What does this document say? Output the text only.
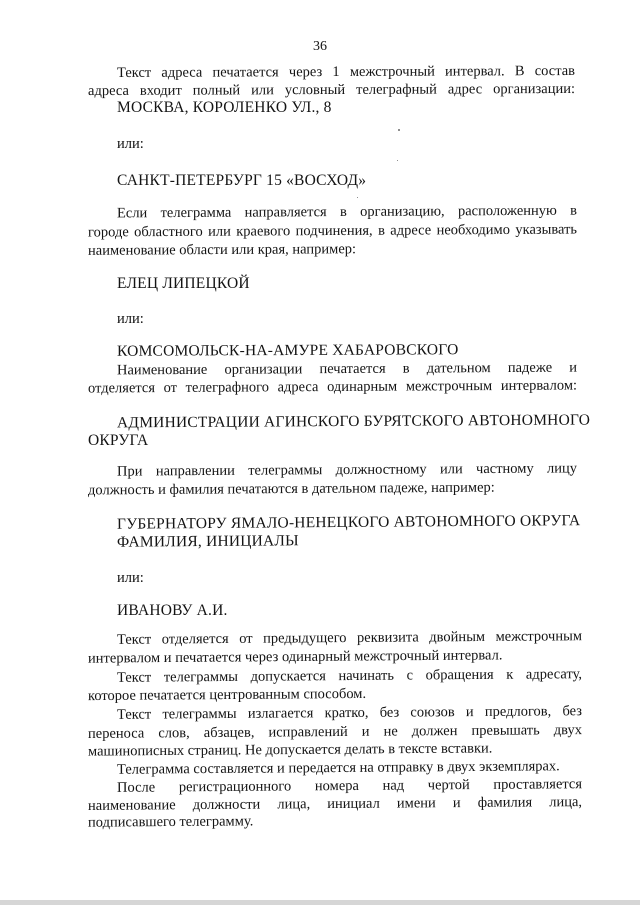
36
Текст адреса печатается через 1 межстрочный интервал. В состав
адреса входит полный или условный телеграфный адрес организации:
МОСКВА, КОРОЛЕНКО УЛ., 8
или:
САНКТ-ПЕТЕРБУРГ 15 «ВОСХОД»
Если телеграмма направляется в организацию, расположенную в
городе областного или краевого подчинения, в адресе необходимо указывать
наименование области или края, например:
ЕЛЕЦ ЛИПЕЦКОЙ
или:
КОМСОМОЛЬСК-НА-АМУРЕ ХАБАРОВСКОГО
Наименование организации печатается в дательном падеже и
отделяется от телеграфного адреса одинарным межстрочным интервалом:
АДМИНИСТРАЦИИ АГИНСКОГО БУРЯТСКОГО АВТОНОМНОГО
ОКРУГА
При направлении телеграммы должностному или частному лицу
должность и фамилия печатаются в дательном падеже, например:
ГУБЕРНАТОРУ ЯМАЛО-НЕНЕЦКОГО АВТОНОМНОГО ОКРУГА
ФАМИЛИЯ, ИНИЦИАЛЫ
или:
ИВАНОВУ А.И.
Текст отделяется от предыдущего реквизита двойным межстрочным
интервалом и печатается через одинарный межстрочный интервал.
Текст телеграммы допускается начинать с обращения к адресату,
которое печатается центрованным способом.
Текст телеграммы излагается кратко, без союзов и предлогов, без
переноса слов, абзацев, исправлений и не должен превышать двух
машинописных страниц. Не допускается делать в тексте вставки.
Телеграмма составляется и передается на отправку в двух экземплярах.
После регистрационного номера над чертой проставляется
наименование должности лица, инициал имени и фамилия лица,
подписавшего телеграмму.
